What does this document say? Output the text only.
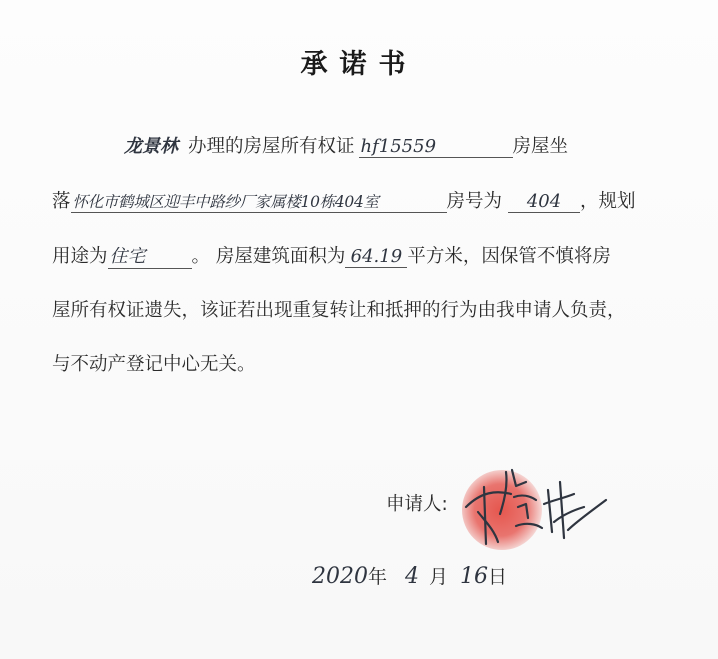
承诺书
龙景林 办理的房屋所有权证 hf15559	房屋坐
落 怀化市鹤城区迎丰中路纱厂家属楼10栋404室	房号为 404 ，规划
用途为 住宅 。 房屋建筑面积为 64.19 平方米，因保管不慎将房
屋所有权证遗失，该证若出现重复转让和抵押的行为由我申请人负责，
与不动产登记中心无关。
申请人:
2020年 4 月 16日
